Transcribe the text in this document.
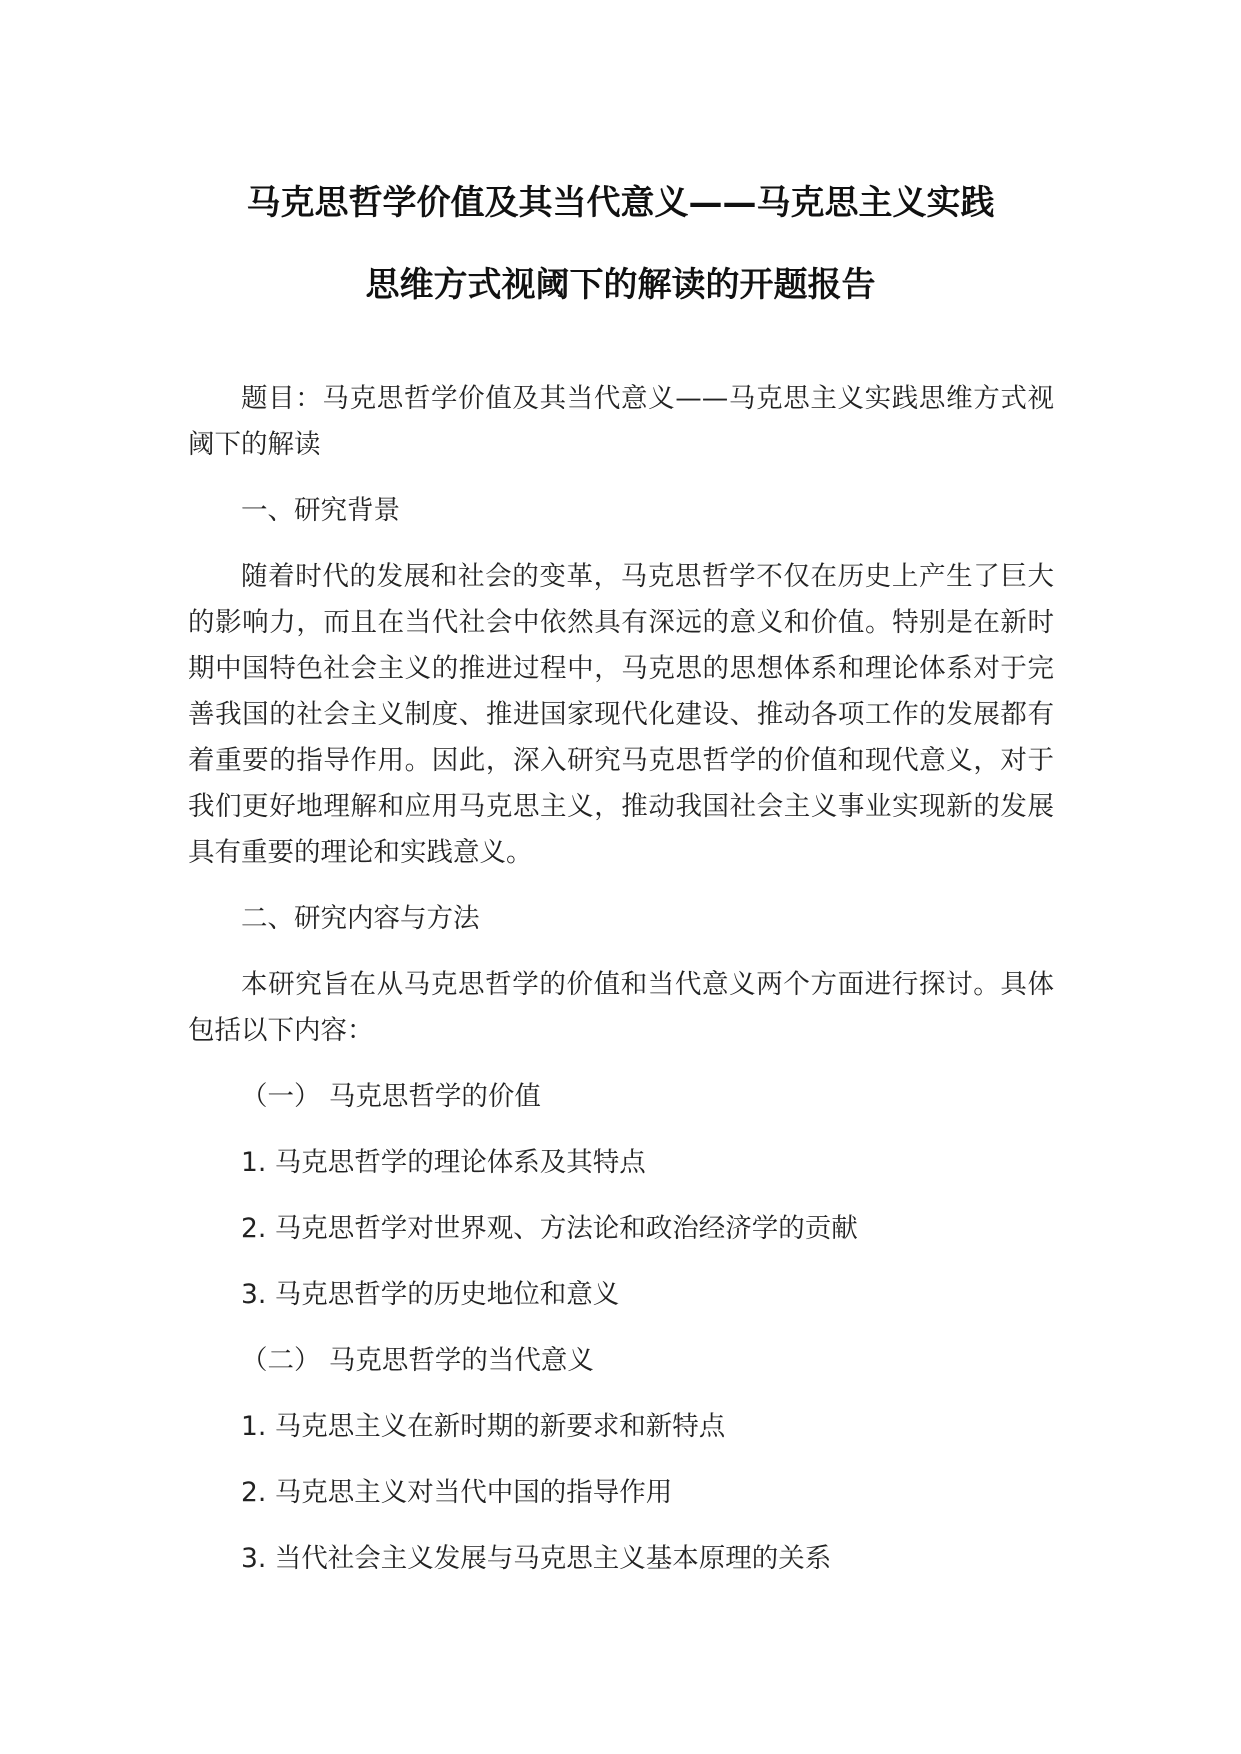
马克思哲学价值及其当代意义——马克思主义实践
思维方式视阈下的解读的开题报告

题目：马克思哲学价值及其当代意义——马克思主义实践思维方式视阈下的解读

一、研究背景

随着时代的发展和社会的变革，马克思哲学不仅在历史上产生了巨大的影响力，而且在当代社会中依然具有深远的意义和价值。特别是在新时期中国特色社会主义的推进过程中，马克思的思想体系和理论体系对于完善我国的社会主义制度、推进国家现代化建设、推动各项工作的发展都有着重要的指导作用。因此，深入研究马克思哲学的价值和现代意义，对于我们更好地理解和应用马克思主义，推动我国社会主义事业实现新的发展具有重要的理论和实践意义。

二、研究内容与方法

本研究旨在从马克思哲学的价值和当代意义两个方面进行探讨。具体包括以下内容：

（一） 马克思哲学的价值

1. 马克思哲学的理论体系及其特点

2. 马克思哲学对世界观、方法论和政治经济学的贡献

3. 马克思哲学的历史地位和意义

（二） 马克思哲学的当代意义

1. 马克思主义在新时期的新要求和新特点

2. 马克思主义对当代中国的指导作用

3. 当代社会主义发展与马克思主义基本原理的关系
